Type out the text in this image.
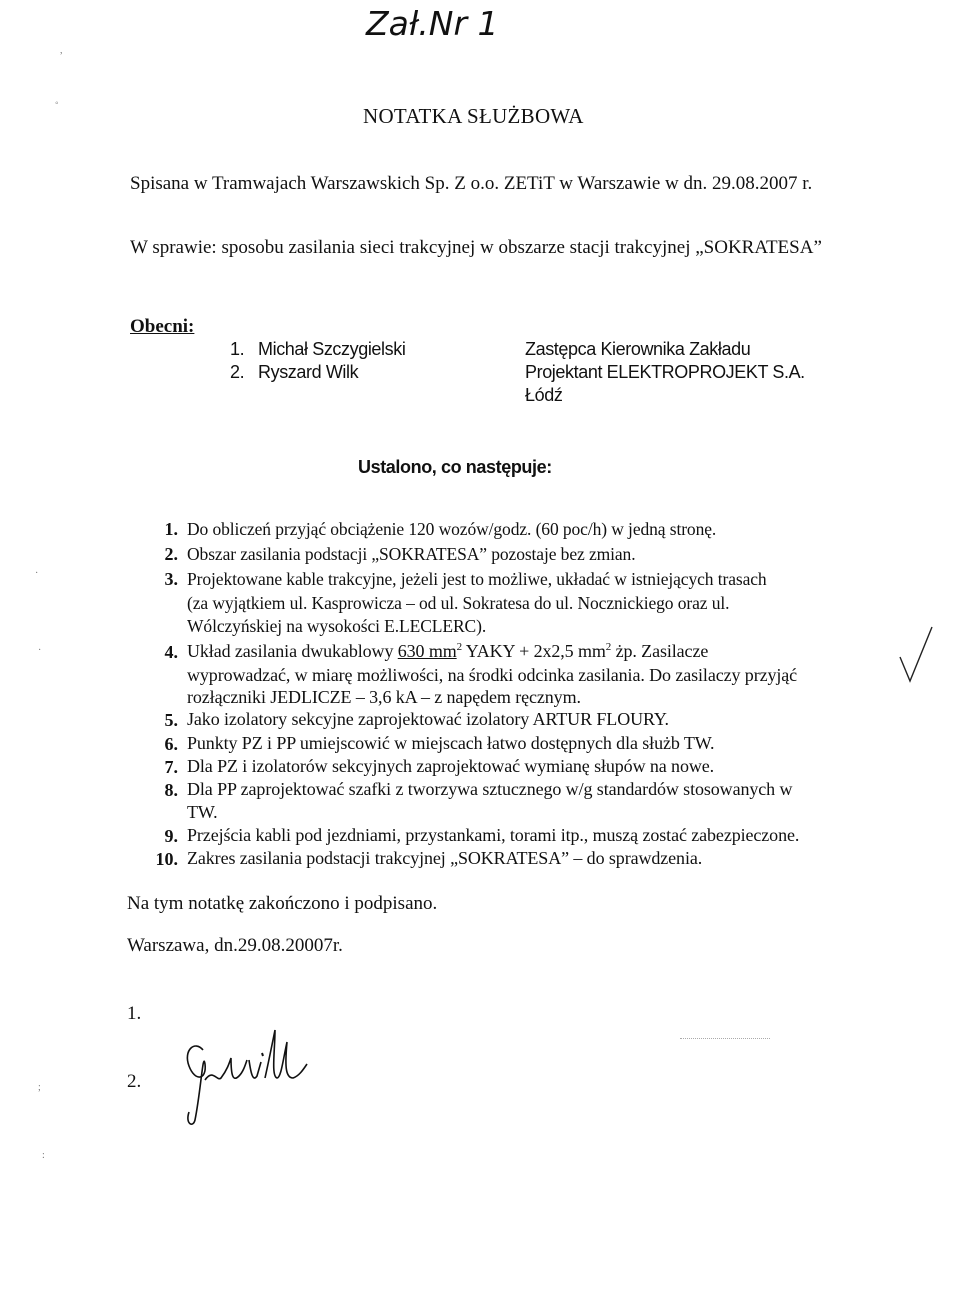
Zał.Nr 1
,
◦
·
·
;
:
NOTATKA SŁUŻBOWA
Spisana w Tramwajach Warszawskich Sp. Z o.o. ZETiT w Warszawie w dn. 29.08.2007 r.
W sprawie: sposobu zasilania sieci trakcyjnej w obszarze stacji trakcyjnej „SOKRATESA”
Obecni:
1. Michał Szczygielski	Zastępca Kierownika Zakładu
2. Ryszard Wilk	Projektant ELEKTROPROJEKT S.A.
Łódź
Ustalono, co następuje:
1. Do obliczeń przyjąć obciążenie 120 wozów/godz. (60 poc/h) w jedną stronę.
2. Obszar zasilania podstacji „SOKRATESA” pozostaje bez zmian.
3. Projektowane kable trakcyjne, jeżeli jest to możliwe, układać w istniejących trasach
(za wyjątkiem ul. Kasprowicza – od ul. Sokratesa do ul. Nocznickiego oraz ul.
Wólczyńskiej na wysokości E.LECLERC).
4. Układ zasilania dwukablowy 630 $mm^2$ YAKY + 2x2,5 $mm^2$ żp. Zasilacze
wyprowadzać, w miarę możliwości, na środki odcinka zasilania. Do zasilaczy przyjąć
rozłączniki JEDLICZE – 3,6 kA – z napędem ręcznym.
5. Jako izolatory sekcyjne zaprojektować izolatory ARTUR FLOURY.
6. Punkty PZ i PP umiejscowić w miejscach łatwo dostępnych dla służb TW.
7. Dla PZ i izolatorów sekcyjnych zaprojektować wymianę słupów na nowe.
8. Dla PP zaprojektować szafki z tworzywa sztucznego w/g standardów stosowanych w
TW.
9. Przejścia kabli pod jezdniami, przystankami, torami itp., muszą zostać zabezpieczone.
10. Zakres zasilania podstacji trakcyjnej „SOKRATESA” – do sprawdzenia.
Na tym notatkę zakończono i podpisano.
Warszawa, dn.29.08.20007r.
1.
2.
